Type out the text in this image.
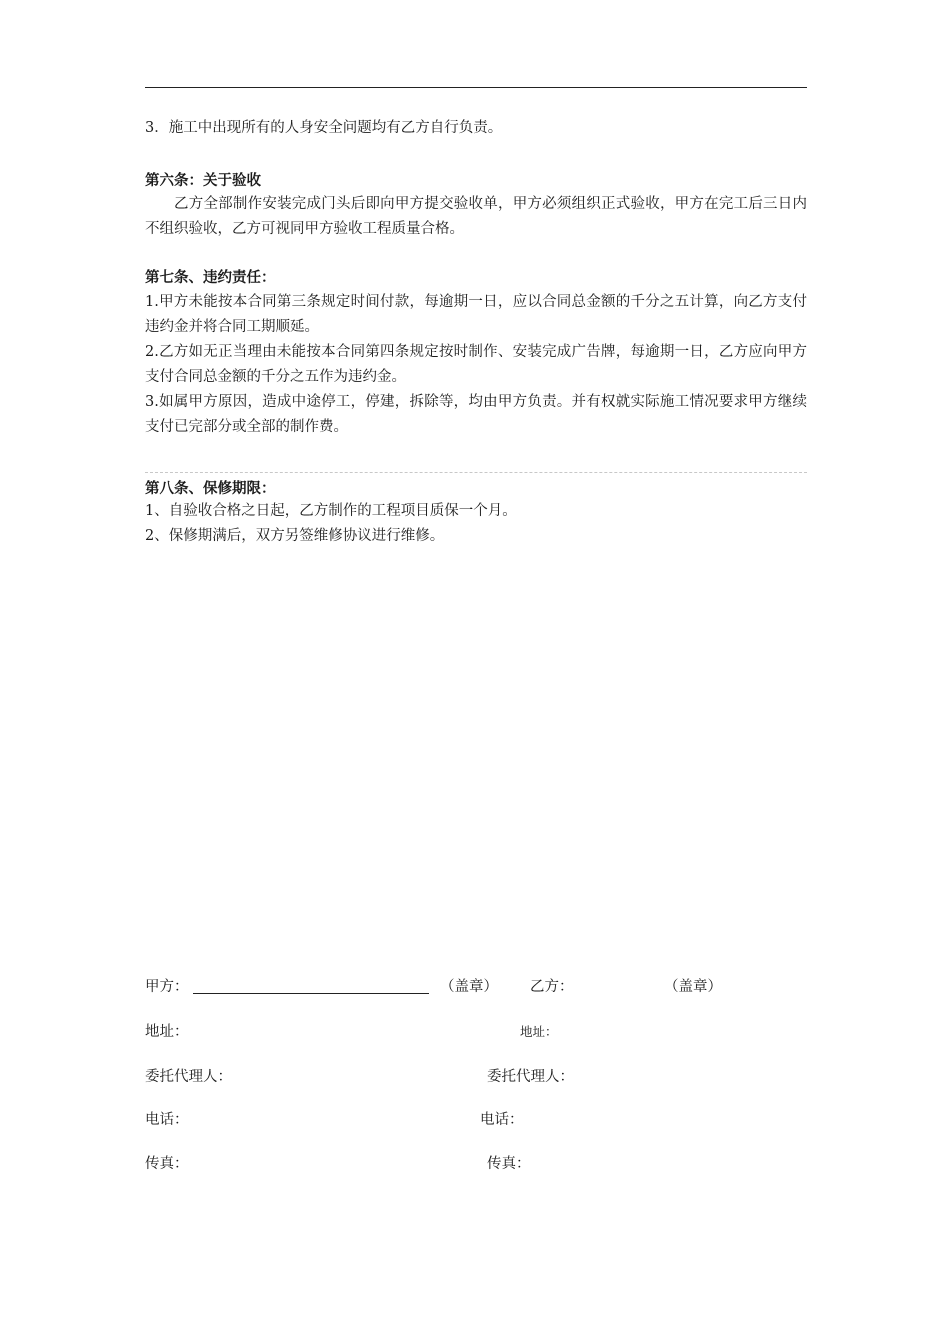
3．施工中出现所有的人身安全问题均有乙方自行负责。

第六条：关于验收

乙方全部制作安装完成门头后即向甲方提交验收单，甲方必须组织正式验收，甲方在完工后三日内不组织验收，乙方可视同甲方验收工程质量合格。

第七条、违约责任：

1.甲方未能按本合同第三条规定时间付款，每逾期一日，应以合同总金额的千分之五计算，向乙方支付违约金并将合同工期顺延。

2.乙方如无正当理由未能按本合同第四条规定按时制作、安装完成广告牌，每逾期一日，乙方应向甲方支付合同总金额的千分之五作为违约金。

3.如属甲方原因，造成中途停工，停建，拆除等，均由甲方负责。并有权就实际施工情况要求甲方继续支付已完部分或全部的制作费。

第八条、保修期限：

1、自验收合格之日起，乙方制作的工程项目质保一个月。

2、保修期满后，双方另签维修协议进行维修。

甲方：	（盖章） 乙方：	（盖章）
地址：	地址：
委托代理人：	委托代理人：
电话：	电话：
传真：	传真：
